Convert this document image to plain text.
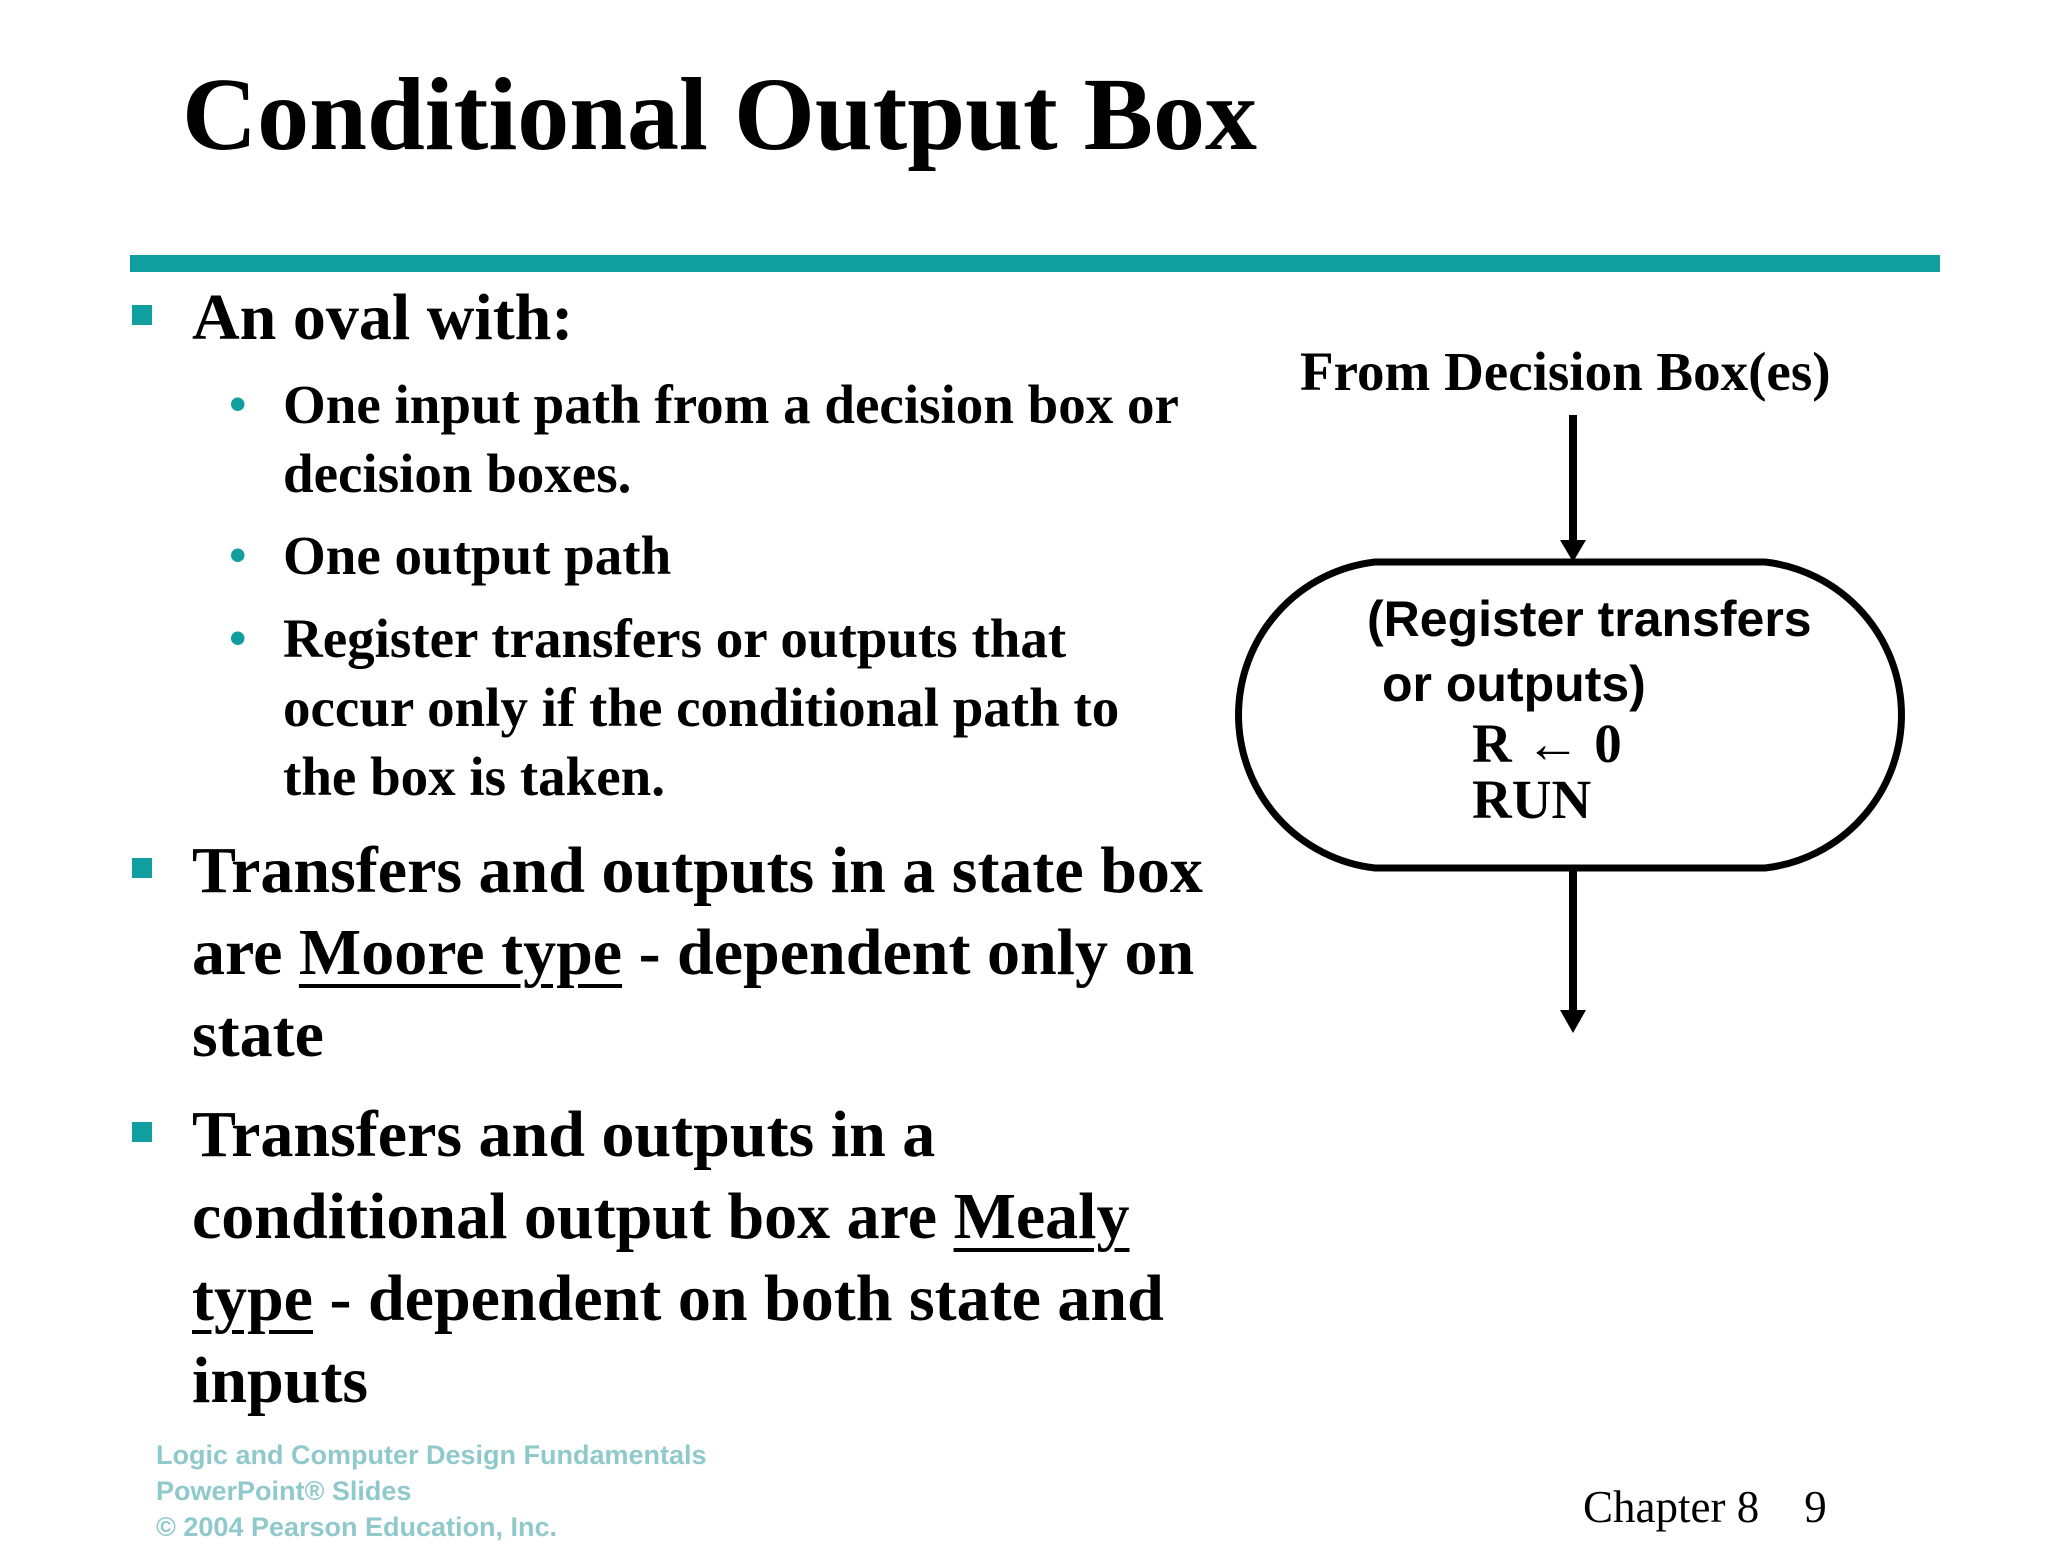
Conditional Output Box
An oval with:
• One input path from a decision box or decision boxes.
• One output path
• Register transfers or outputs that occur only if the conditional path to the box is taken.
Transfers and outputs in a state box are Moore type - dependent only on state
Transfers and outputs in a conditional output box are Mealy type - dependent on both state and inputs
From Decision Box(es)
(Register transfers
or outputs)
R ← 0
RUN
Logic and Computer Design Fundamentals
PowerPoint® Slides
© 2004 Pearson Education, Inc.	Chapter 8 9
